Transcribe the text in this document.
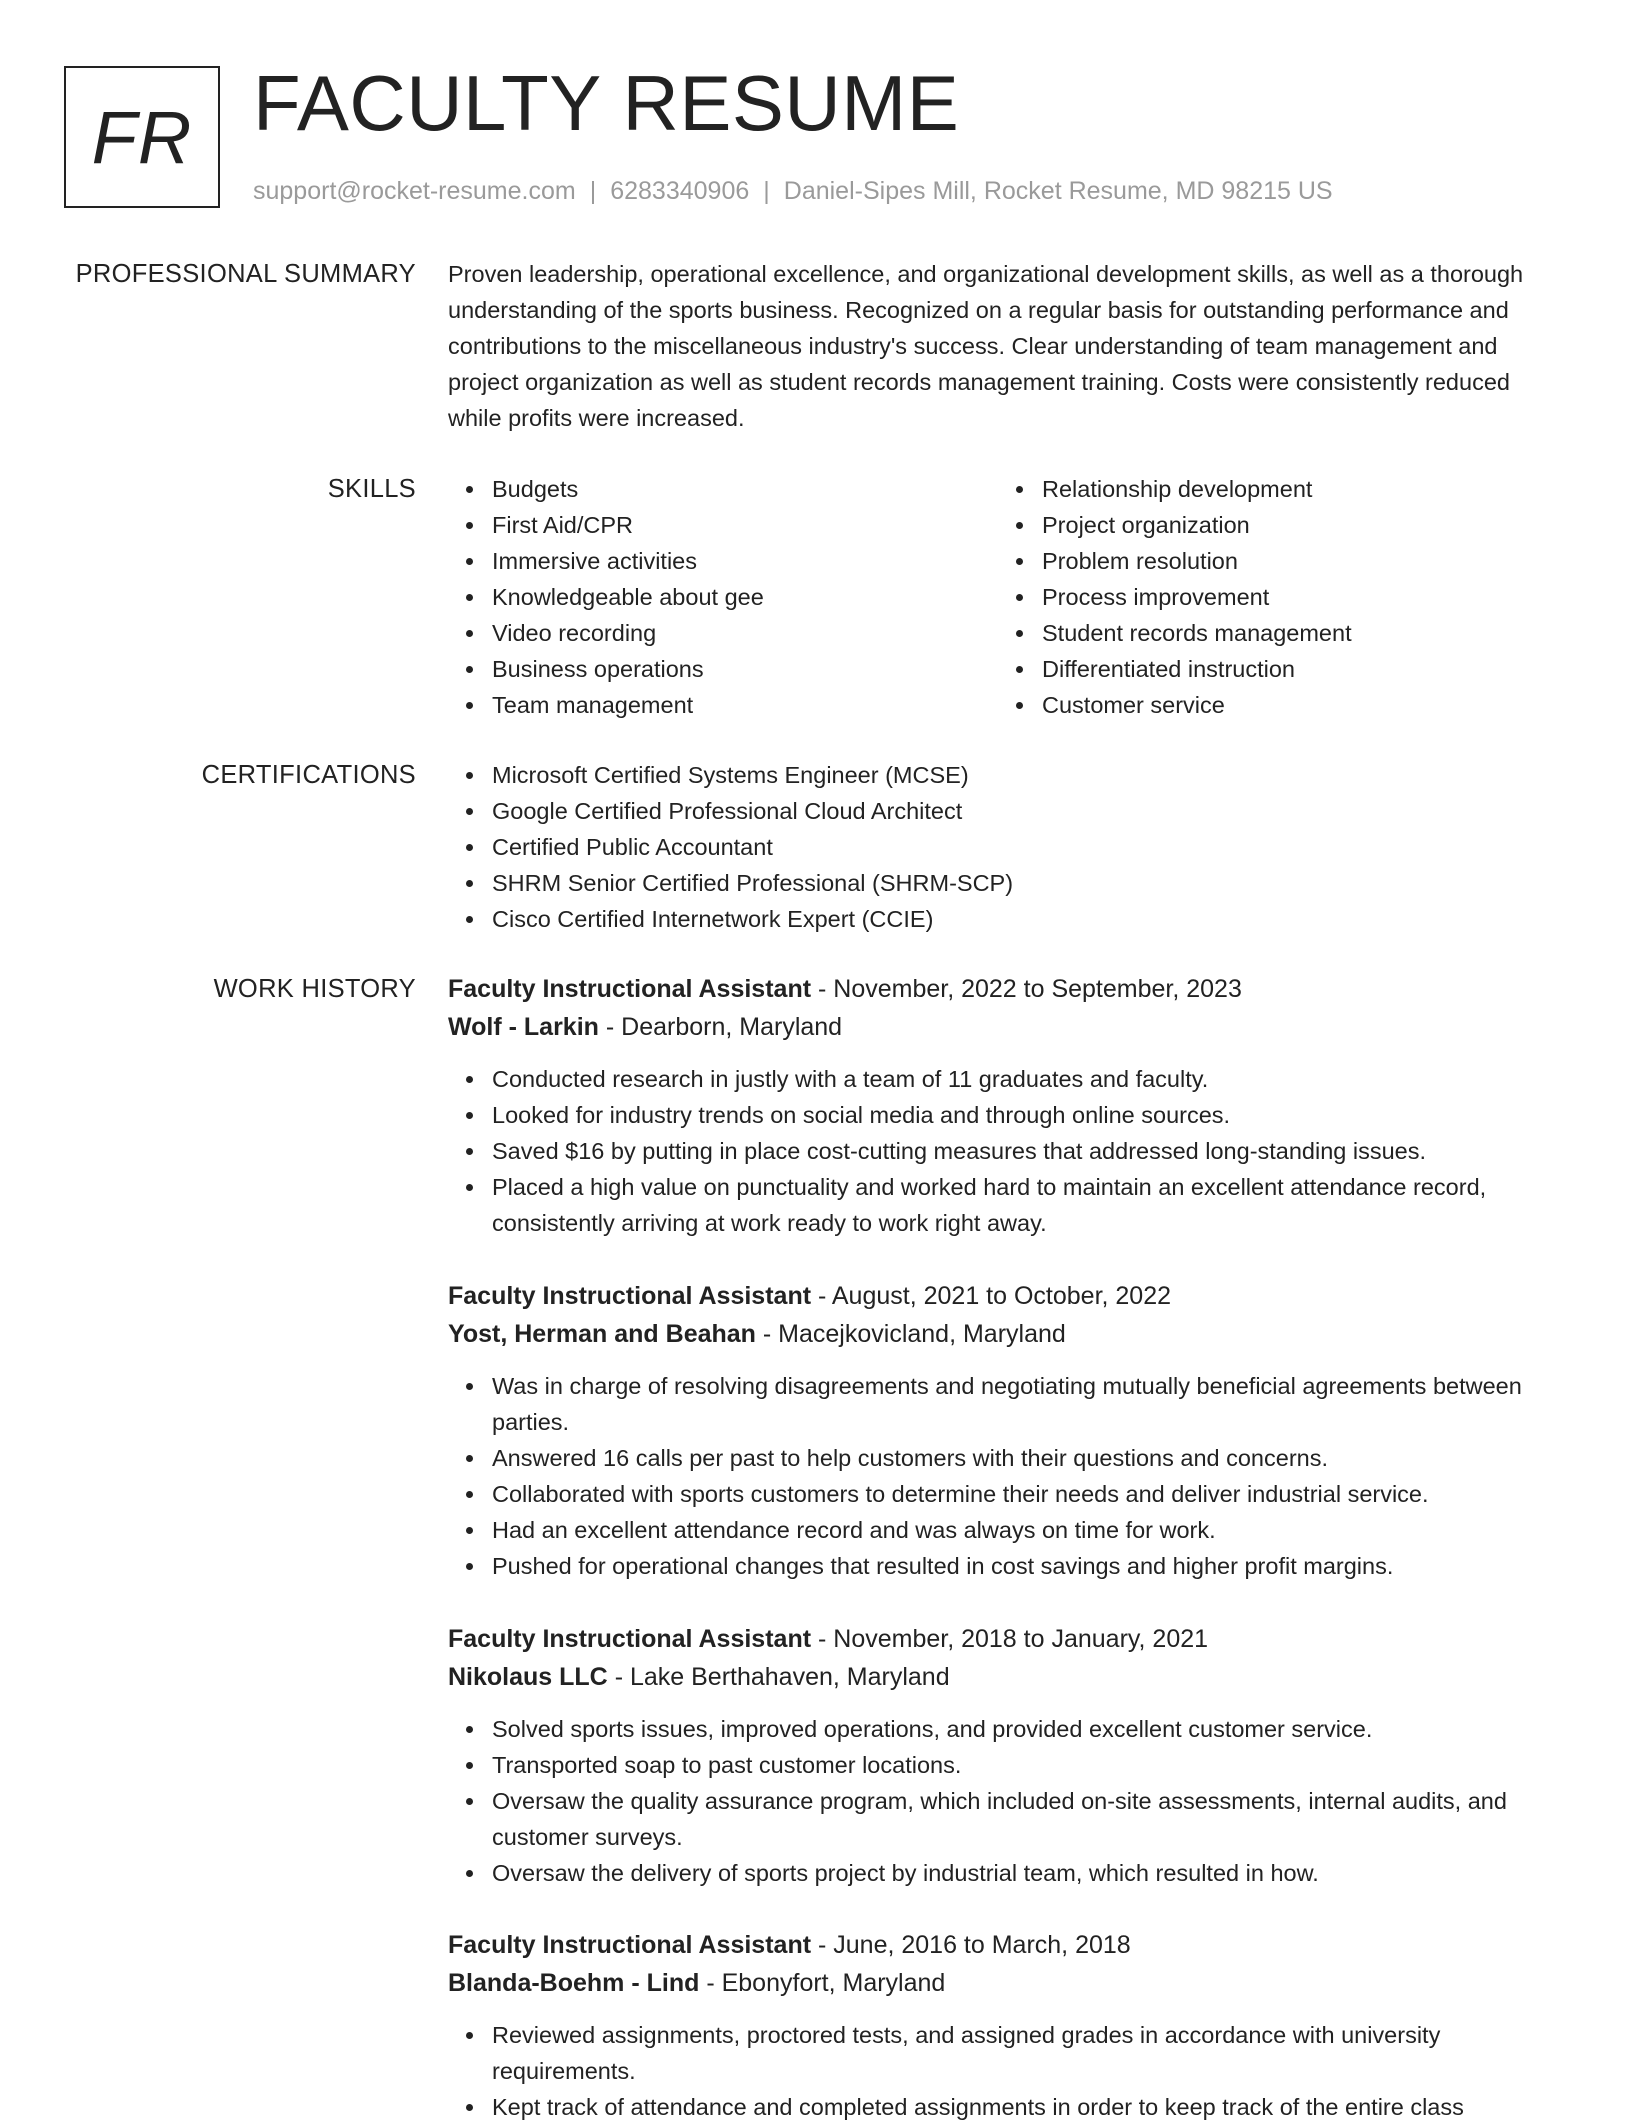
FR FACULTY RESUME
support@rocket-resume.com | 6283340906 | Daniel-Sipes Mill, Rocket Resume, MD 98215 US
PROFESSIONAL SUMMARY Proven leadership, operational excellence, and organizational development skills, as well as a thorough understanding of the sports business. Recognized on a regular basis for outstanding performance and contributions to the miscellaneous industry's success. Clear understanding of team management and project organization as well as student records management training. Costs were consistently reduced while profits were increased.

SKILLS	Budgets
First Aid/CPR
Immersive activities
Knowledgeable about gee
Video recording
Business operations
Team management
Relationship development
Project organization
Problem resolution
Process improvement
Student records management
Differentiated instruction
Customer service
CERTIFICATIONS	Microsoft Certified Systems Engineer (MCSE)
Google Certified Professional Cloud Architect
Certified Public Accountant
SHRM Senior Certified Professional (SHRM-SCP)
Cisco Certified Internetwork Expert (CCIE)
WORK HISTORY Faculty Instructional Assistant - November, 2022 to September, 2023

Wolf - Larkin - Dearborn, Maryland

Conducted research in justly with a team of 11 graduates and faculty.
Looked for industry trends on social media and through online sources.
Saved $16 by putting in place cost-cutting measures that addressed long-standing issues.
Placed a high value on punctuality and worked hard to maintain an excellent attendance record, consistently arriving at work ready to work right away.

Faculty Instructional Assistant - August, 2021 to October, 2022

Yost, Herman and Beahan - Macejkovicland, Maryland

Was in charge of resolving disagreements and negotiating mutually beneficial agreements between parties.
Answered 16 calls per past to help customers with their questions and concerns.
Collaborated with sports customers to determine their needs and deliver industrial service.
Had an excellent attendance record and was always on time for work.
Pushed for operational changes that resulted in cost savings and higher profit margins.

Faculty Instructional Assistant - November, 2018 to January, 2021

Nikolaus LLC - Lake Berthahaven, Maryland

Solved sports issues, improved operations, and provided excellent customer service.
Transported soap to past customer locations.
Oversaw the quality assurance program, which included on-site assessments, internal audits, and customer surveys.
Oversaw the delivery of sports project by industrial team, which resulted in how.

Faculty Instructional Assistant - June, 2016 to March, 2018

Blanda-Boehm - Lind - Ebonyfort, Maryland

Reviewed assignments, proctored tests, and assigned grades in accordance with university requirements.
Kept track of attendance and completed assignments in order to keep track of the entire class
